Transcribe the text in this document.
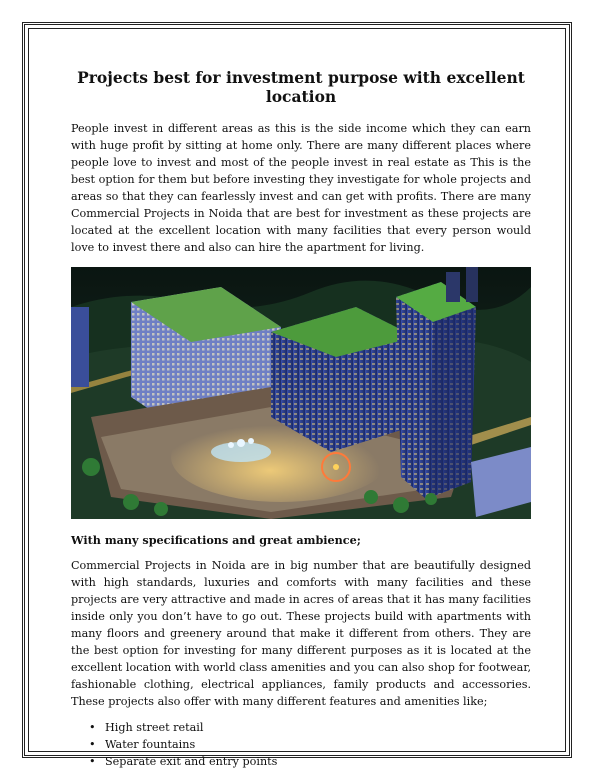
Projects best for investment purpose with excellent location

People invest in different areas as this is the side income which they can earn with huge profit by sitting at home only. There are many different places where people love to invest and most of the people invest in real estate as This is the best option for them but before investing they investigate for whole projects and areas so that they can fearlessly invest and can get with profits. There are many Commercial Projects in Noida that are best for investment as these projects are located at the excellent location with many facilities that every person would love to invest there and also can hire the apartment for living.

With many specifications and great ambience;

Commercial Projects in Noida are in big number that are beautifully designed with high standards, luxuries and comforts with many facilities and these projects are very attractive and made in acres of areas that it has many facilities inside only you don’t have to go out. These projects build with apartments with many floors and greenery around that make it different from others. They are the best option for investing for many different purposes as it is located at the excellent location with world class amenities and you can also shop for footwear, fashionable clothing, electrical appliances, family products and accessories. These projects also offer with many different features and amenities like;

• High street retail
• Water fountains
• Separate exit and entry points
